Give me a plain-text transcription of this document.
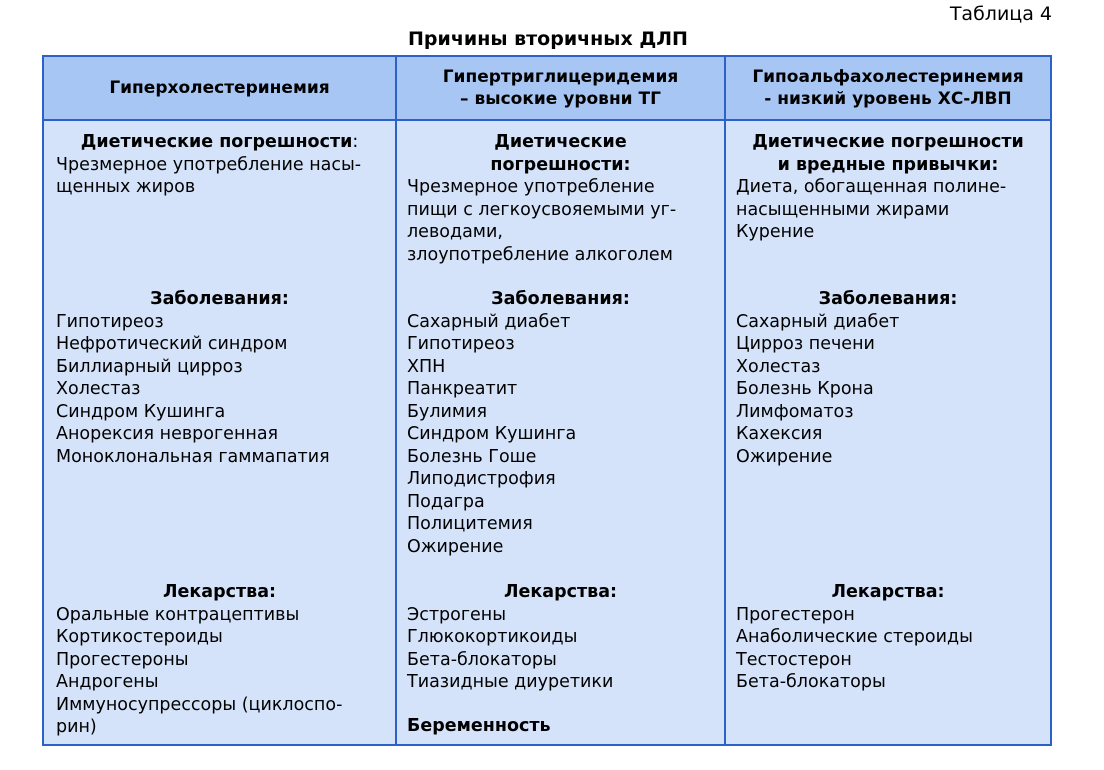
Таблица 4
Причины вторичных ДЛП
Гиперхолестеринемия
Гипертриглицеридемия
– высокие уровни ТГ
Гипоальфахолестеринемия
- низкий уровень ХС-ЛВП
Диетические погрешности:
Чрезмерное употребление насы-
щенных жиров
Заболевания:
Гипотиреоз
Нефротический синдром
Биллиарный цирроз
Холестаз
Синдром Кушинга
Анорексия неврогенная
Моноклональная гаммапатия
Лекарства:
Оральные контрацептивы
Кортикостероиды
Прогестероны
Андрогены
Иммуносупрессоры (циклоспо-
рин)
Диетические
погрешности:
Чрезмерное употребление
пищи с легкоусвояемыми уг-
леводами,
злоупотребление алкоголем
Заболевания:
Сахарный диабет
Гипотиреоз
ХПН
Панкреатит
Булимия
Синдром Кушинга
Болезнь Гоше
Липодистрофия
Подагра
Полицитемия
Ожирение
Лекарства:
Эстрогены
Глюкокортикоиды
Бета-блокаторы
Тиазидные диуретики
Беременность
Диетические погрешности
и вредные привычки:
Диета, обогащенная полине-
насыщенными жирами
Курение
Заболевания:
Сахарный диабет
Цирроз печени
Холестаз
Болезнь Крона
Лимфоматоз
Кахексия
Ожирение
Лекарства:
Прогестерон
Анаболические стероиды
Тестостерон
Бета-блокаторы
